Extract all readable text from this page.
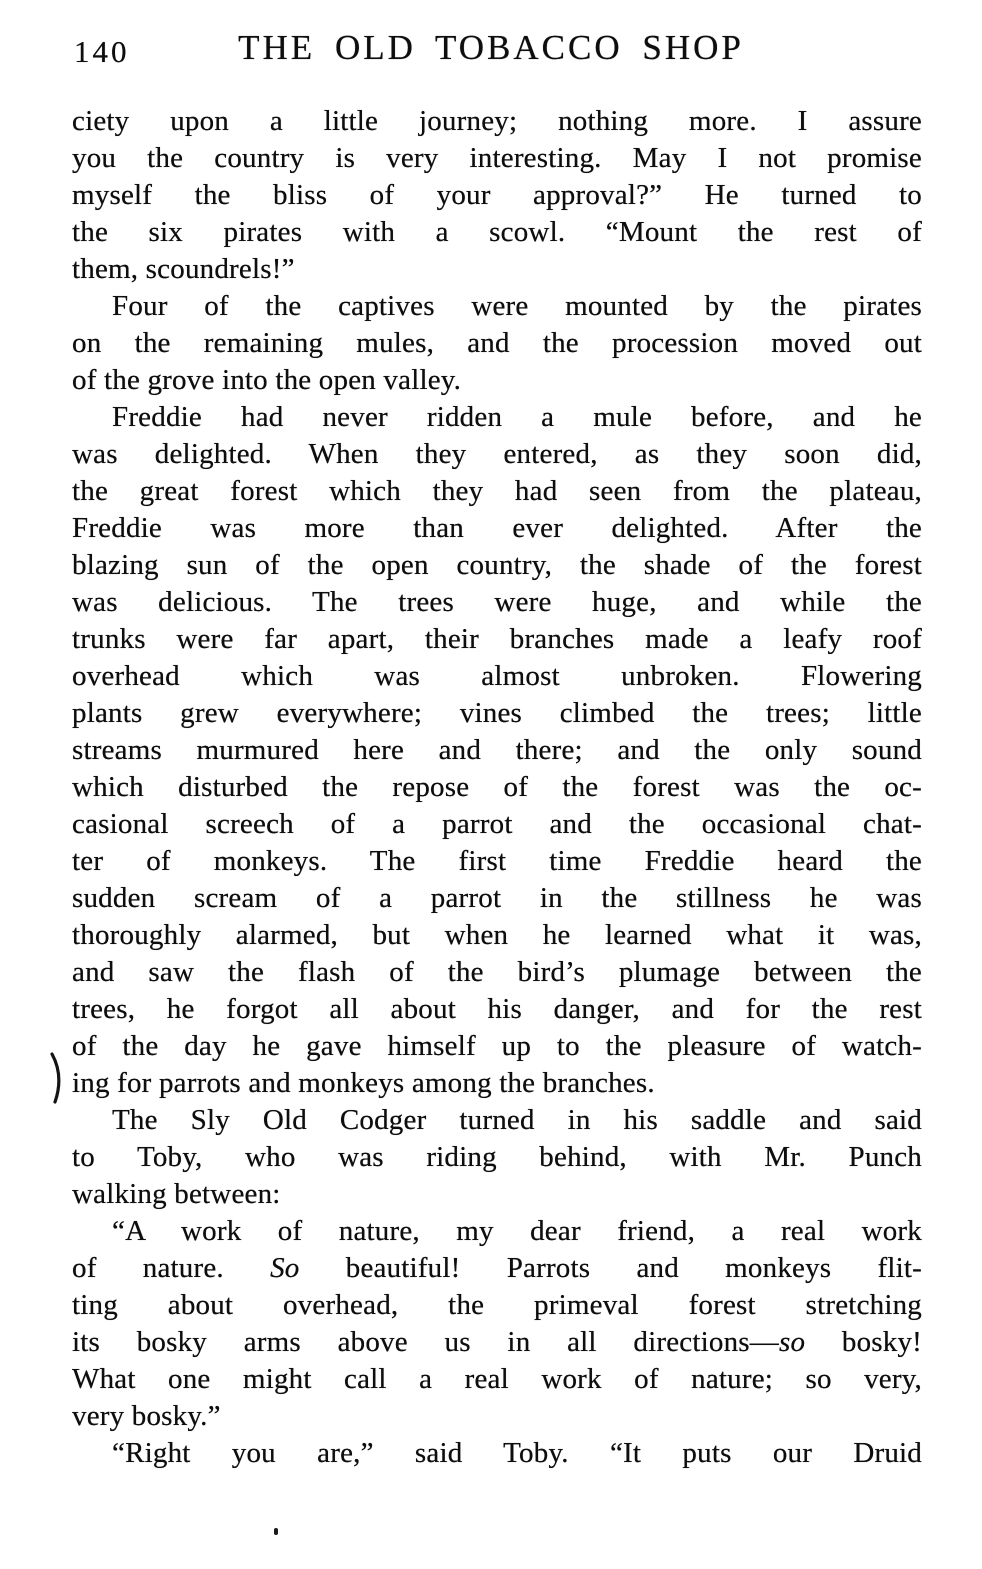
140	THE OLD TOBACCO SHOP
ciety upon a little journey; nothing more. I assure
you the country is very interesting. May I not promise
myself the bliss of your approval?” He turned to
the six pirates with a scowl. “Mount the rest of
them, scoundrels!”
Four of the captives were mounted by the pirates
on the remaining mules, and the procession moved out
of the grove into the open valley.
Freddie had never ridden a mule before, and he
was delighted. When they entered, as they soon did,
the great forest which they had seen from the plateau,
Freddie was more than ever delighted. After the
blazing sun of the open country, the shade of the forest
was delicious. The trees were huge, and while the
trunks were far apart, their branches made a leafy roof
overhead which was almost unbroken. Flowering
plants grew everywhere; vines climbed the trees; little
streams murmured here and there; and the only sound
which disturbed the repose of the forest was the oc-
casional screech of a parrot and the occasional chat-
ter of monkeys. The first time Freddie heard the
sudden scream of a parrot in the stillness he was
thoroughly alarmed, but when he learned what it was,
and saw the flash of the bird’s plumage between the
trees, he forgot all about his danger, and for the rest
of the day he gave himself up to the pleasure of watch-
ing for parrots and monkeys among the branches.
The Sly Old Codger turned in his saddle and said
to Toby, who was riding behind, with Mr. Punch
walking between:
“A work of nature, my dear friend, a real work
of nature. So beautiful! Parrots and monkeys flit-
ting about overhead, the primeval forest stretching
its bosky arms above us in all directions—so bosky!
What one might call a real work of nature; so very,
very bosky.”
“Right you are,” said Toby. “It puts our Druid
